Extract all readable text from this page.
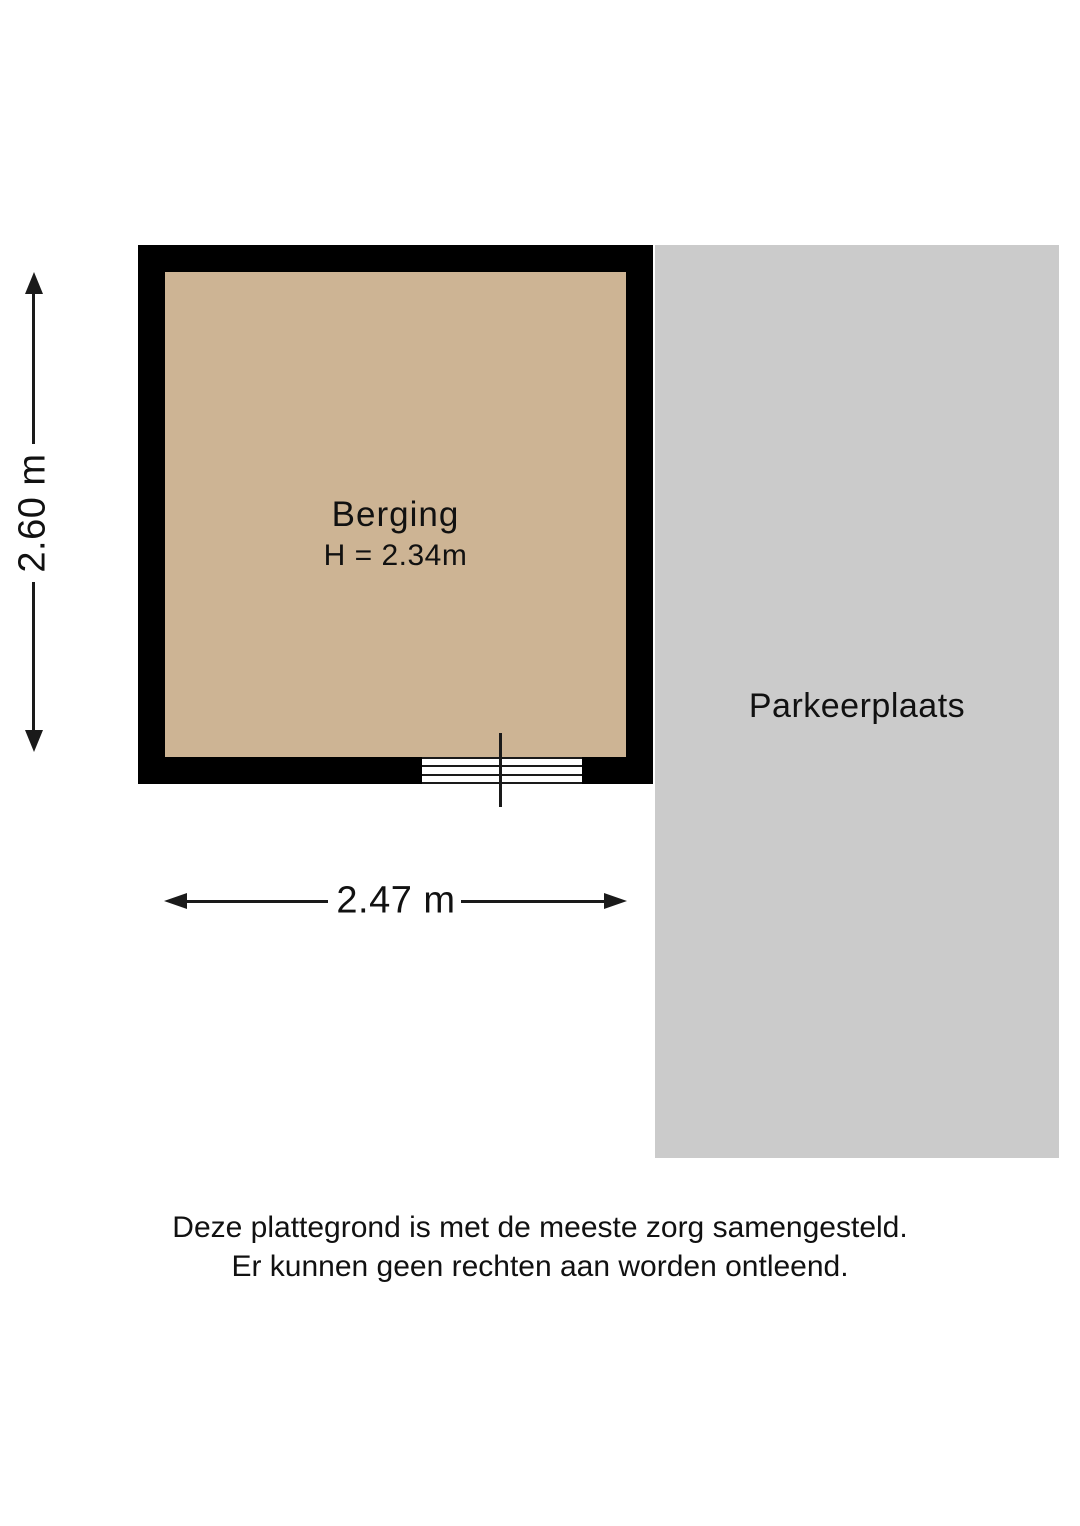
Parkeerplaats
Berging
H = 2.34m
2.60 m
2.47 m
Deze plattegrond is met de meeste zorg samengesteld.
Er kunnen geen rechten aan worden ontleend.
